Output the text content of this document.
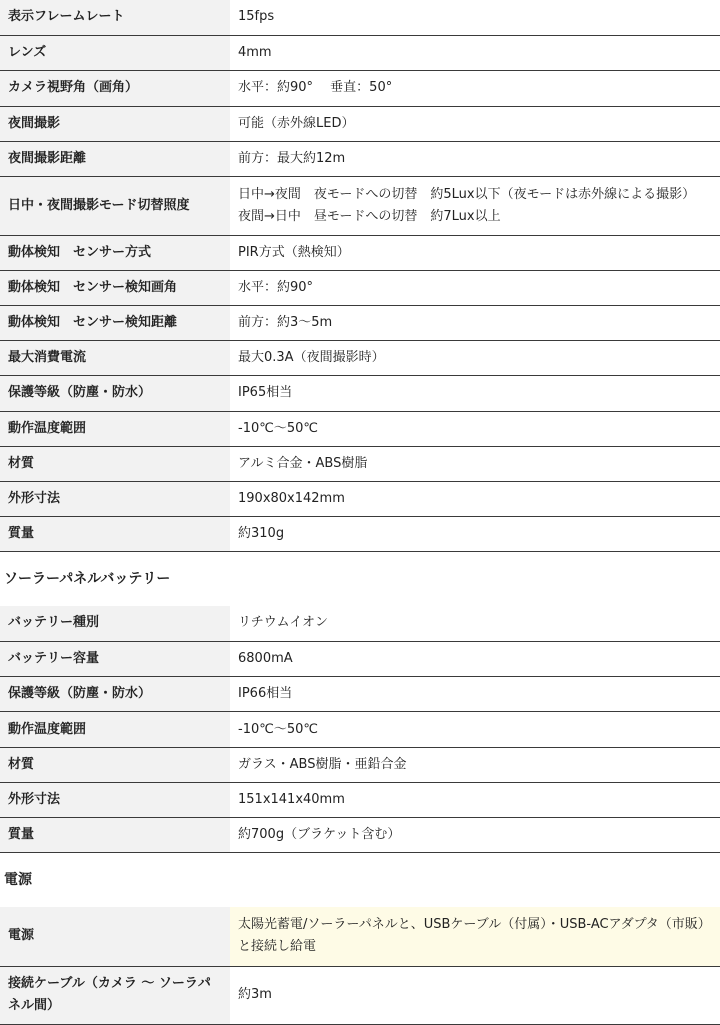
表示フレームレート	15fps
レンズ	4mm
カメラ視野角（画角）	水平：約90°　 垂直：50°
夜間撮影	可能（赤外線LED）
夜間撮影距離	前方：最大約12m
日中・夜間撮影モード切替照度	日中→夜間　夜モードへの切替　約5Lux以下（夜モードは赤外線による撮影）
夜間→日中　昼モードへの切替　約7Lux以上

動体検知　センサー方式	PIR方式（熱検知）
動体検知　センサー検知画角	水平：約90°
動体検知　センサー検知距離	前方：約3～5m
最大消費電流	最大0.3A（夜間撮影時）
保護等級（防塵・防水）	IP65相当
動作温度範囲	-10℃～50℃
材質	アルミ合金・ABS樹脂
外形寸法	190x80x142mm
質量	約310g
ソーラーパネルバッテリー
バッテリー種別	リチウムイオン
バッテリー容量	6800mA
保護等級（防塵・防水）	IP66相当
動作温度範囲	-10℃～50℃
材質	ガラス・ABS樹脂・亜鉛合金
外形寸法	151x141x40mm
質量	約700g（ブラケット含む）
電源
電源	太陽光蓄電/ソーラーパネルと、USBケーブル（付属）・USB-ACアダプタ（市販）と接続し給電
接続ケーブル（カメラ ～ ソーラパネル間）	約3m
